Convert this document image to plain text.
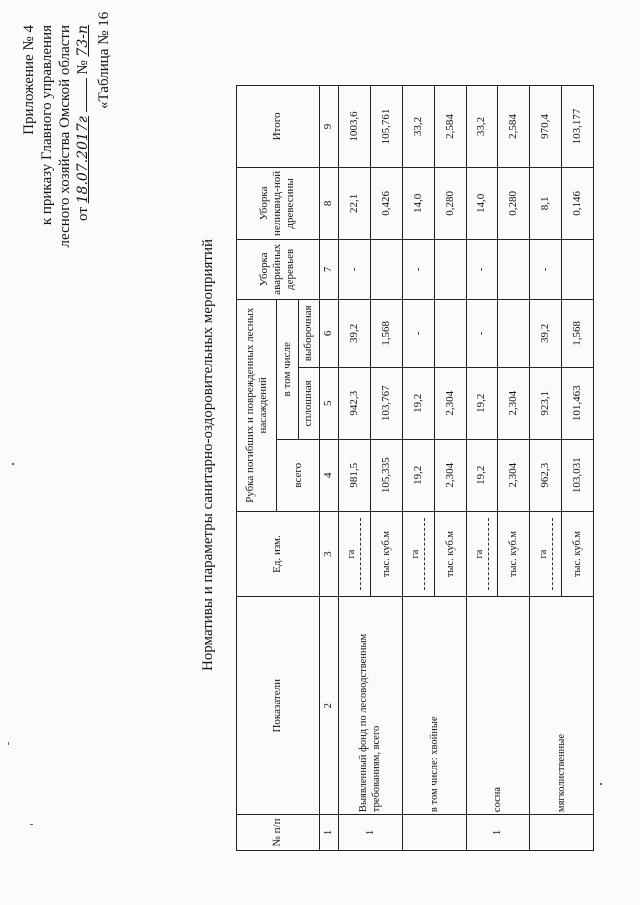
Приложение № 4 к приказу Главного управления лесного хозяйства Омской области от 18.07.2017г  № 73-п «Таблица № 16
Нормативы и параметры санитарно-оздоровительных мероприятий
№ п/п	Показатели	Ед. изм.	Рубка погибших и поврежденных лесных насаждений			Уборка аварийных деревьев	Уборка неликвид-ной древесины	Итого
			всего	в том числе				
				сплошная	выборочная			
1	2	3	4	5	6	7	8	9
1	Выявленный фонд по лесоводственным требованиям, всего	га	981,5	942,3	39,2	-	22,1	1003,6
		тыс. куб.м	105,335	103,767	1,568		0,426	105,761
	в том числе: хвойные	га	19,2	19,2	-	-	14,0	33,2
		тыс. куб.м	2,304	2,304			0,280	2,584
1	сосна	га	19,2	19,2	-	-	14,0	33,2
		тыс. куб.м	2,304	2,304			0,280	2,584
	мягколиственные	га	962,3	923,1	39,2	-	8,1	970,4
		тыс. куб.м	103,031	101,463	1,568		0,146	103,177
